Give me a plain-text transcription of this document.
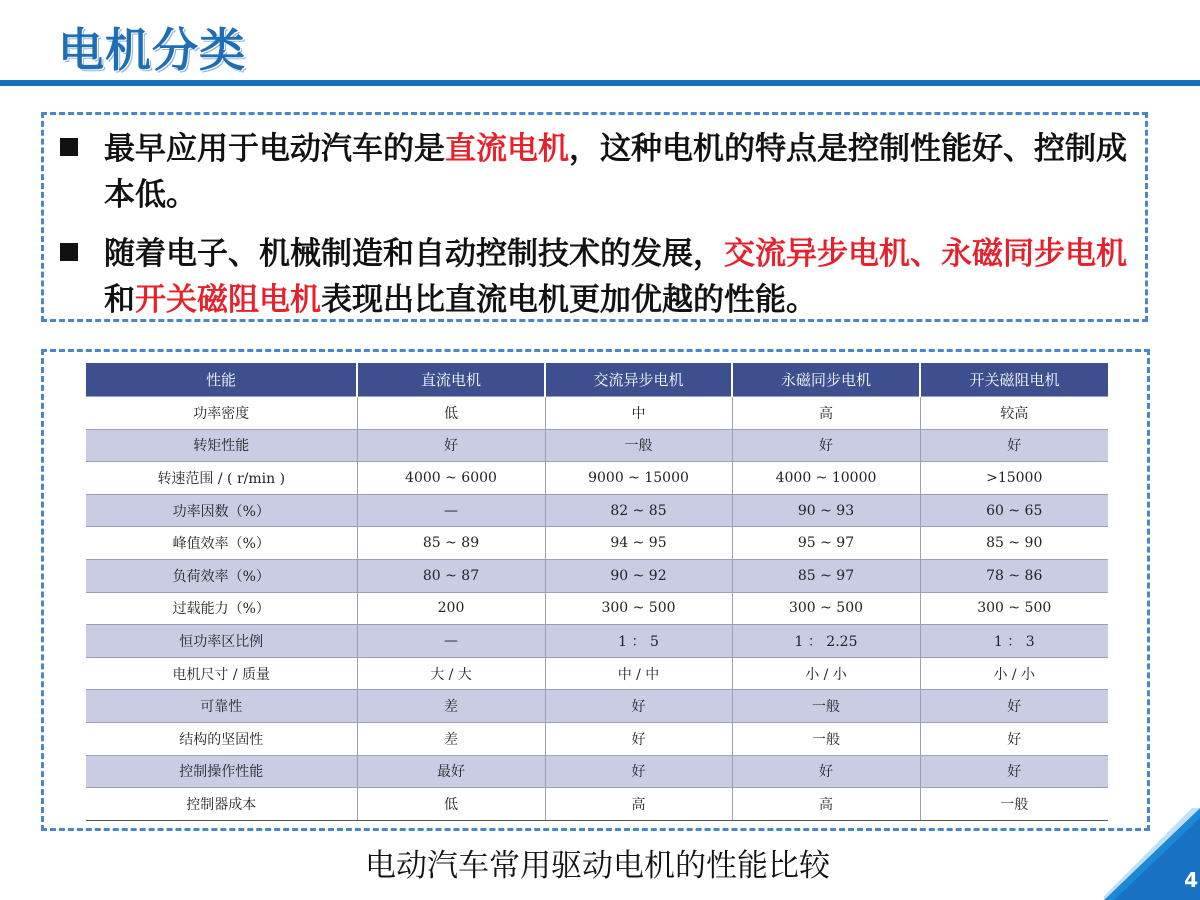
电机分类
最早应用于电动汽车的是直流电机，这种电机的特点是控制性能好、控制成本低。
随着电子、机械制造和自动控制技术的发展，交流异步电机、永磁同步电机和开关磁阻电机表现出比直流电机更加优越的性能。
性能	直流电机	交流异步电机	永磁同步电机	开关磁阻电机
功率密度	低	中	高	较高
转矩性能	好	一般	好	好
转速范围 / ( r/min )	4000 ~ 6000	9000 ~ 15000	4000 ~ 10000	>15000
功率因数（%）	—	82 ~ 85	90 ~ 93	60 ~ 65
峰值效率（%）	85 ~ 89	94 ~ 95	95 ~ 97	85 ~ 90
负荷效率（%）	80 ~ 87	90 ~ 92	85 ~ 97	78 ~ 86
过载能力（%）	200	300 ~ 500	300 ~ 500	300 ~ 500
恒功率区比例	—	1 ： 5	1 ： 2.25	1 ： 3
电机尺寸 / 质量	大 / 大	中 / 中	小 / 小	小 / 小
可靠性	差	好	一般	好
结构的坚固性	差	好	一般	好
控制操作性能	最好	好	好	好
控制器成本	低	高	高	一般
电动汽车常用驱动电机的性能比较	4
